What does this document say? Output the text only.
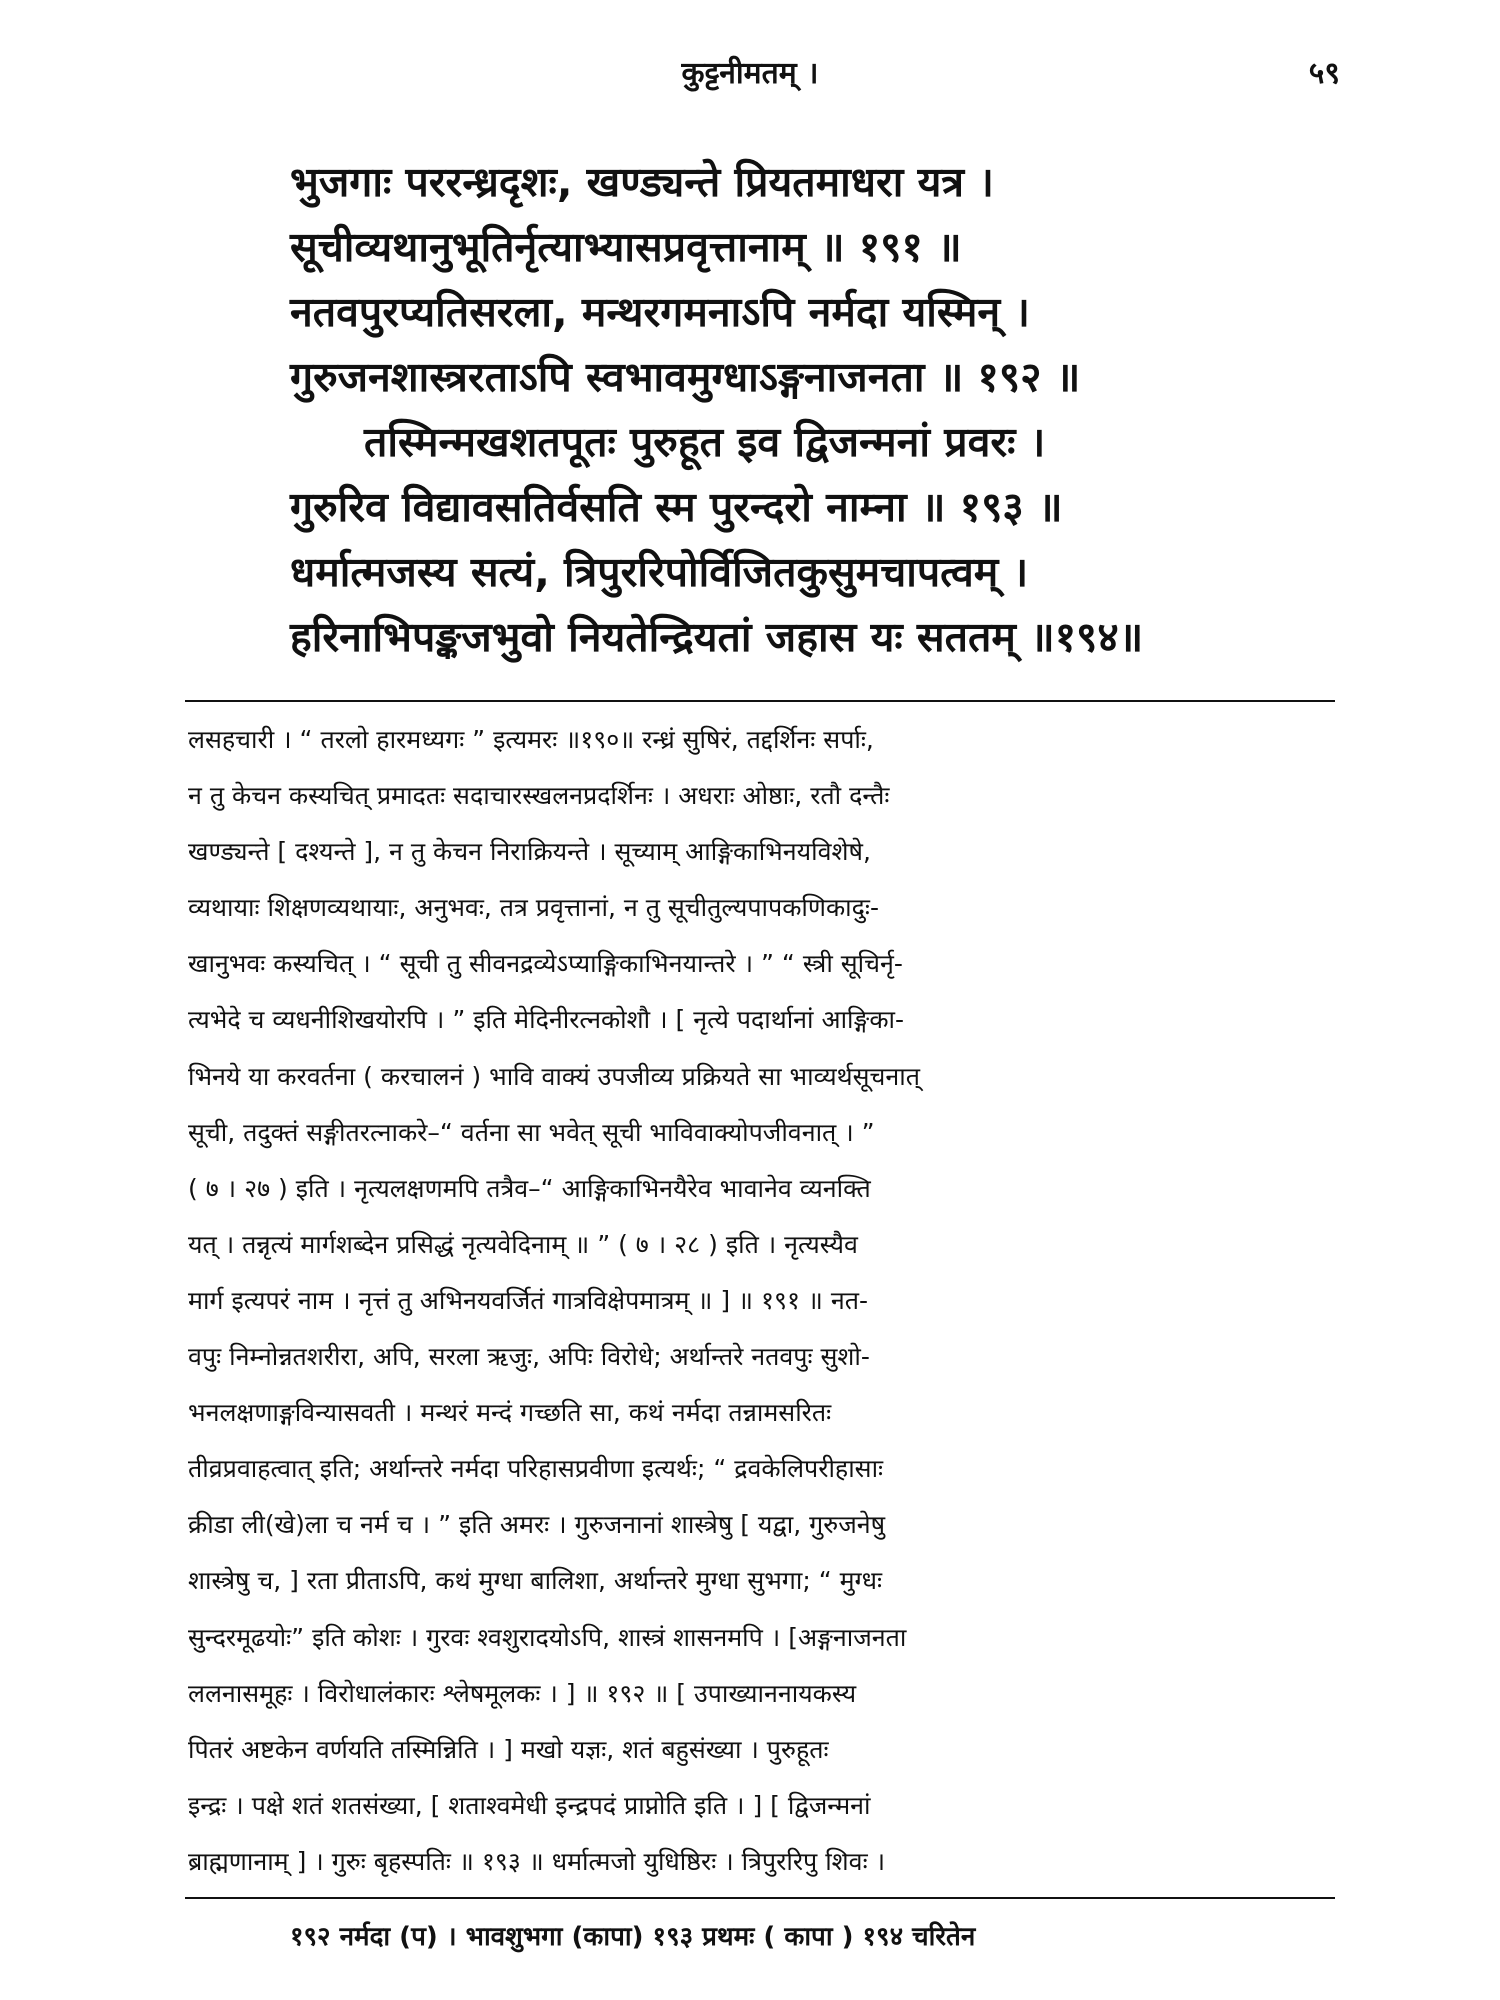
कुट्टनीमतम् ।	५९
भुजगाः पररन्ध्रदृशः, खण्ड्यन्ते प्रियतमाधरा यत्र ।
सूचीव्यथानुभूतिर्नृत्याभ्यासप्रवृत्तानाम् ॥ १९१ ॥
नतवपुरप्यतिसरला, मन्थरगमनाऽपि नर्मदा यस्मिन् ।
गुरुजनशास्त्ररताऽपि स्वभावमुग्धाऽङ्गनाजनता ॥ १९२ ॥
तस्मिन्मखशतपूतः पुरुहूत इव द्विजन्मनां प्रवरः ।
गुरुरिव विद्यावसतिर्वसति स्म पुरन्दरो नाम्ना ॥ १९३ ॥
धर्मात्मजस्य सत्यं, त्रिपुररिपोर्विजितकुसुमचापत्वम् ।
हरिनाभिपङ्कजभुवो नियतेन्द्रियतां जहास यः सततम् ॥१९४॥
लसहचारी । “ तरलो हारमध्यगः ” इत्यमरः ॥१९०॥ रन्ध्रं सुषिरं, तद्दर्शिनः सर्पाः,
न तु केचन कस्यचित् प्रमादतः सदाचारस्खलनप्रदर्शिनः । अधराः ओष्ठाः, रतौ दन्तैः
खण्ड्यन्ते [ दश्यन्ते ], न तु केचन निराक्रियन्ते । सूच्याम् आङ्गिकाभिनयविशेषे,
व्यथायाः शिक्षणव्यथायाः, अनुभवः, तत्र प्रवृत्तानां, न तु सूचीतुल्यपापकणिकादुः-
खानुभवः कस्यचित् । “ सूची तु सीवनद्रव्येऽप्याङ्गिकाभिनयान्तरे । ” “ स्त्री सूचिर्नृ-
त्यभेदे च व्यधनीशिखयोरपि । ” इति मेदिनीरत्नकोशौ । [ नृत्ये पदार्थानां आङ्गिका-
भिनये या करवर्तना ( करचालनं ) भावि वाक्यं उपजीव्य प्रक्रियते सा भाव्यर्थसूचनात्
सूची, तदुक्तं सङ्गीतरत्नाकरे–“ वर्तना सा भवेत् सूची भाविवाक्योपजीवनात् । ”
( ७ । २७ ) इति । नृत्यलक्षणमपि तत्रैव–“ आङ्गिकाभिनयैरेव भावानेव व्यनक्ति
यत् । तन्नृत्यं मार्गशब्देन प्रसिद्धं नृत्यवेदिनाम् ॥ ” ( ७ । २८ ) इति । नृत्यस्यैव
मार्ग इत्यपरं नाम । नृत्तं तु अभिनयवर्जितं गात्रविक्षेपमात्रम् ॥ ] ॥ १९१ ॥ नत-
वपुः निम्नोन्नतशरीरा, अपि, सरला ऋजुः, अपिः विरोधे; अर्थान्तरे नतवपुः सुशो-
भनलक्षणाङ्गविन्यासवती । मन्थरं मन्दं गच्छति सा, कथं नर्मदा तन्नामसरितः
तीव्रप्रवाहत्वात् इति; अर्थान्तरे नर्मदा परिहासप्रवीणा इत्यर्थः; “ द्रवकेलिपरीहासाः
क्रीडा ली(खे)ला च नर्म च । ” इति अमरः । गुरुजनानां शास्त्रेषु [ यद्वा, गुरुजनेषु
शास्त्रेषु च, ] रता प्रीताऽपि, कथं मुग्धा बालिशा, अर्थान्तरे मुग्धा सुभगा; “ मुग्धः
सुन्दरमूढयोः” इति कोशः । गुरवः श्वशुरादयोऽपि, शास्त्रं शासनमपि । [अङ्गनाजनता
ललनासमूहः । विरोधालंकारः श्लेषमूलकः । ] ॥ १९२ ॥ [ उपाख्याननायकस्य
पितरं अष्टकेन वर्णयति तस्मिन्निति । ] मखो यज्ञः, शतं बहुसंख्या । पुरुहूतः
इन्द्रः । पक्षे शतं शतसंख्या, [ शताश्वमेधी इन्द्रपदं प्राप्नोति इति । ] [ द्विजन्मनां
ब्राह्मणानाम् ] । गुरुः बृहस्पतिः ॥ १९३ ॥ धर्मात्मजो युधिष्ठिरः । त्रिपुररिपु शिवः ।
१९२ नर्मदा (प) । भावशुभगा (कापा) १९३ प्रथमः ( कापा ) १९४ चरितेन
